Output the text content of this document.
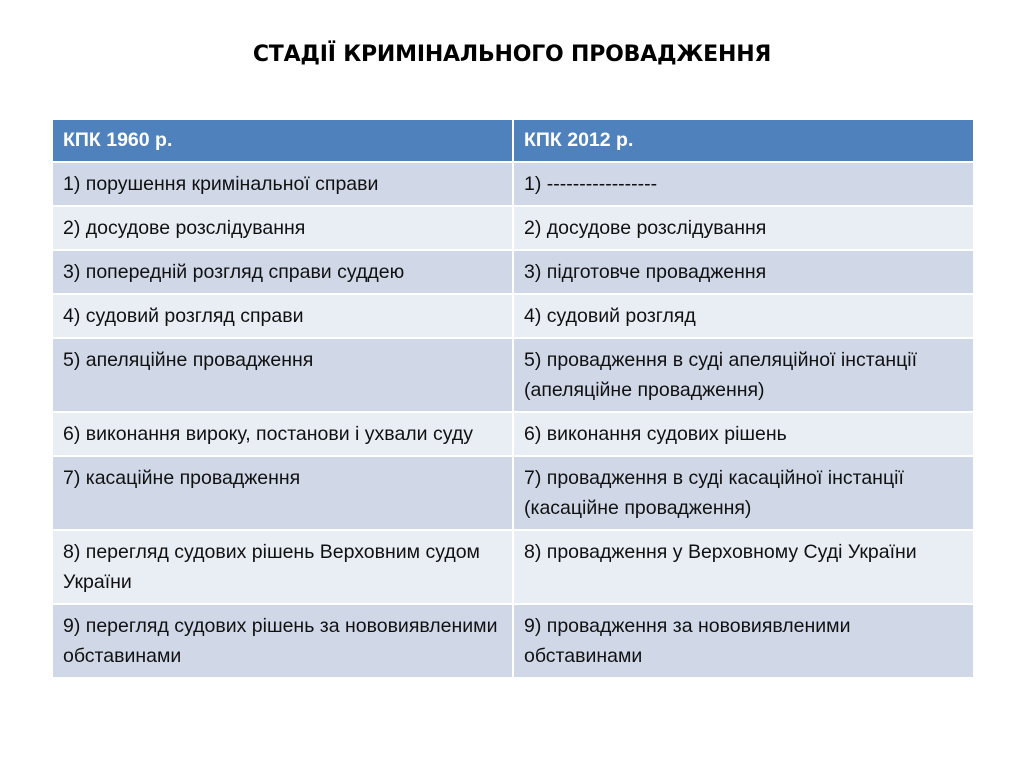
СТАДІЇ КРИМІНАЛЬНОГО ПРОВАДЖЕННЯ
КПК 1960 р.	КПК 2012 р.
1) порушення кримінальної справи	1) -----------------
2) досудове розслідування	2) досудове розслідування
3) попередній розгляд справи суддею	3) підготовче провадження
4) судовий розгляд справи	4) судовий розгляд
5) апеляційне провадження	5) провадження в суді апеляційної інстанції (апеляційне провадження)
6) виконання вироку, постанови і ухвали суду	6) виконання судових рішень
7) касаційне провадження	7) провадження в суді касаційної інстанції (касаційне провадження)
8) перегляд судових рішень Верховним судом України	8) провадження у Верховному Суді України
9) перегляд судових рішень за нововиявленими обставинами	9) провадження за нововиявленими обставинами
